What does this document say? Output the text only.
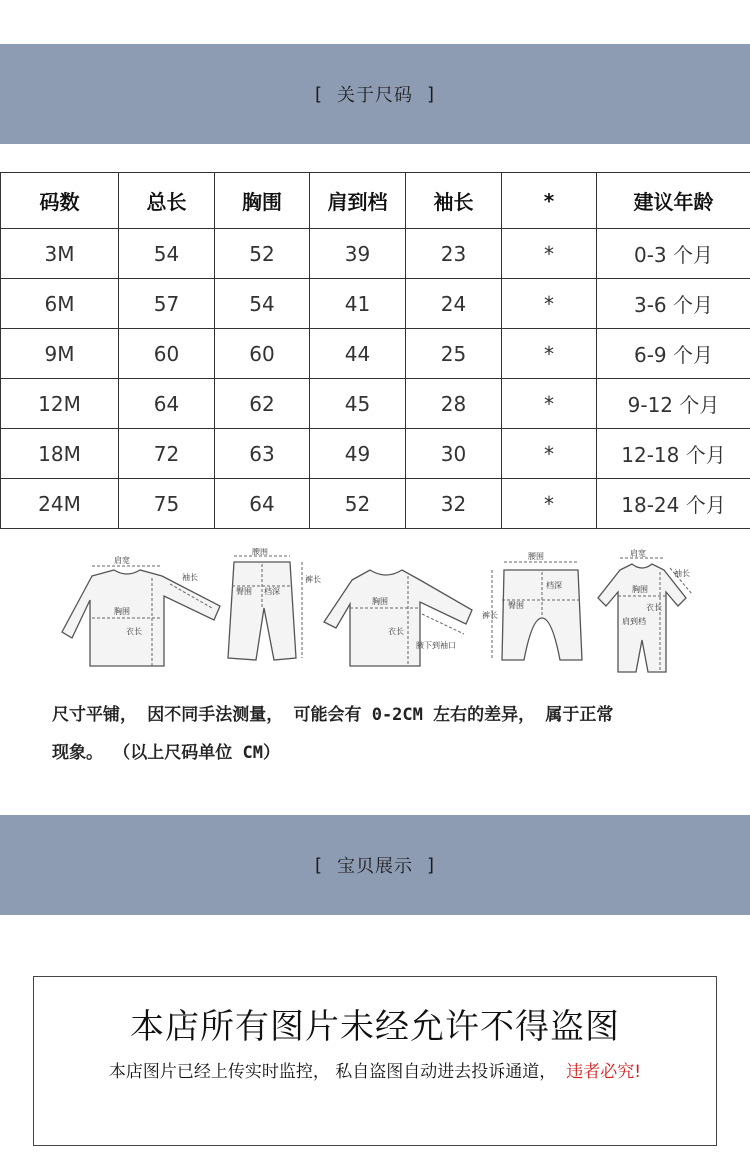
[ 关于尺码 ]
码数	总长	胸围	肩到档	袖长	*	建议年龄
3M	54	52	39	23	*	0-3 个月
6M	57	54	41	24	*	3-6 个月
9M	60	60	44	25	*	6-9 个月
12M	64	62	45	28	*	9-12 个月
18M	72	63	49	30	*	12-18 个月
24M	75	64	52	32	*	18-24 个月
肩宽
袖长
胸围
衣长
腰围
臀围 档深
裤长
胸围
衣长
腋下到袖口
腰围
臀围
档深
裤长
肩宽
袖长
胸围
衣长
肩到档
尺寸平铺， 因不同手法测量， 可能会有 0-2CM 左右的差异， 属于正常
现象。 （以上尺码单位 CM）
[ 宝贝展示 ]
本店所有图片未经允许不得盗图
本店图片已经上传实时监控， 私自盗图自动进去投诉通道， 违者必究!
